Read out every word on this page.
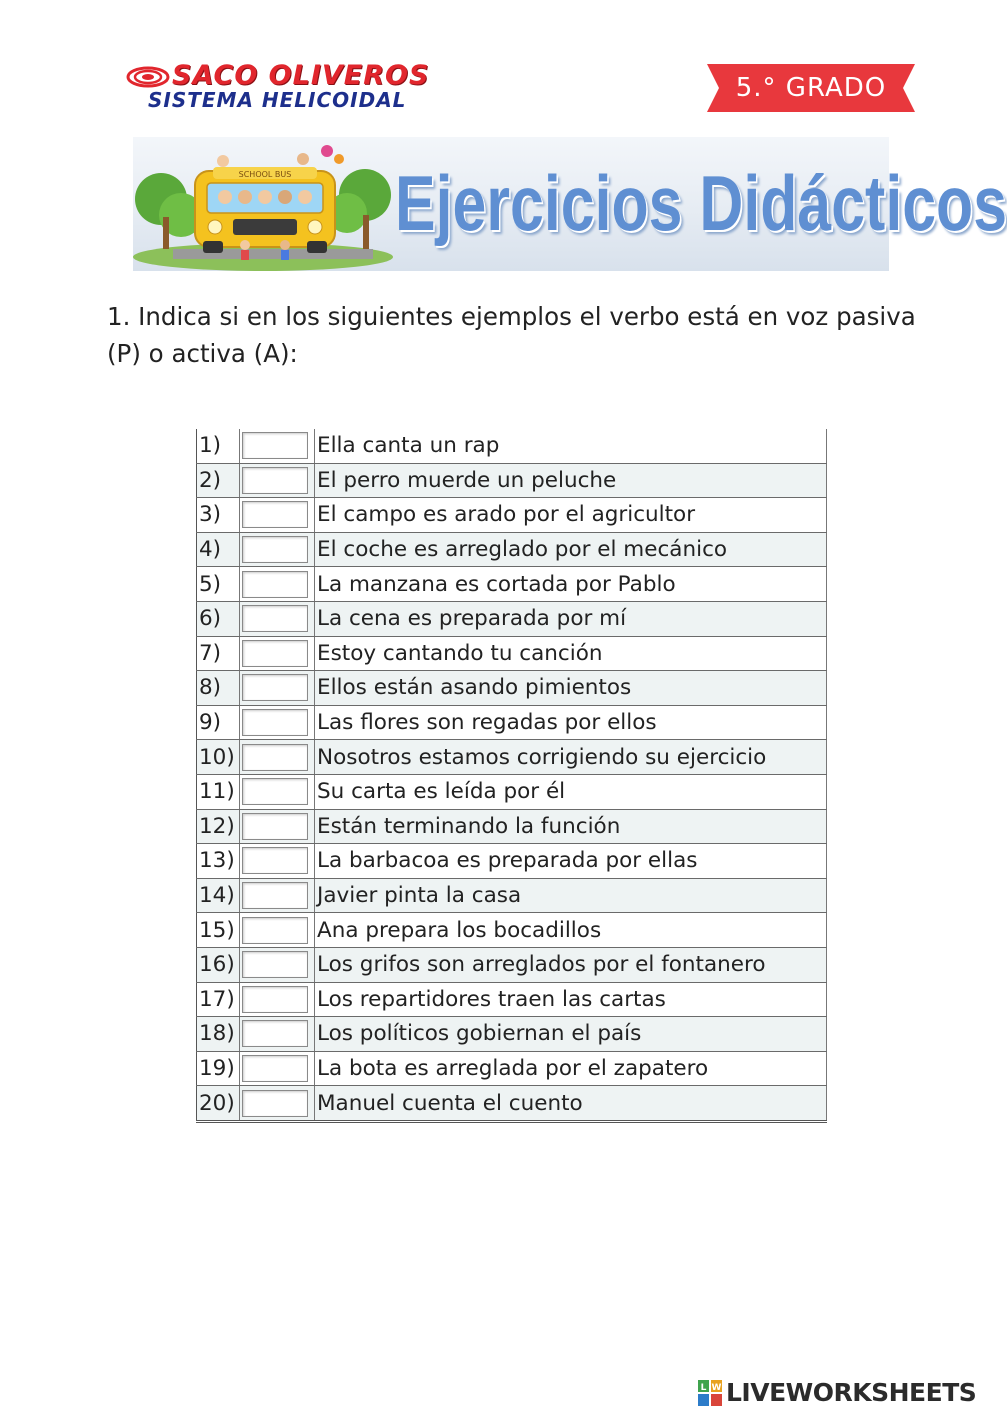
SACO OLIVEROS
SISTEMA HELICOIDAL	5.° GRADO
SCHOOL BUS Ejercicios Didácticos
1. Indica si en los siguientes ejemplos el verbo está en voz pasiva (P) o activa (A):
1)		Ella canta un rap
2)		El perro muerde un peluche
3)		El campo es arado por el agricultor
4)		El coche es arreglado por el mecánico
5)		La manzana es cortada por Pablo
6)		La cena es preparada por mí
7)		Estoy cantando tu canción
8)		Ellos están asando pimientos
9)		Las flores son regadas por ellos
10)		Nosotros estamos corrigiendo su ejercicio
11)		Su carta es leída por él
12)		Están terminando la función
13)		La barbacoa es preparada por ellas
14)		Javier pinta la casa
15)		Ana prepara los bocadillos
16)		Los grifos son arreglados por el fontanero
17)		Los repartidores traen las cartas
18)		Los políticos gobiernan el país
19)		La bota es arreglada por el zapatero
20)		Manuel cuenta el cuento
L W LIVEWORKSHEETS
